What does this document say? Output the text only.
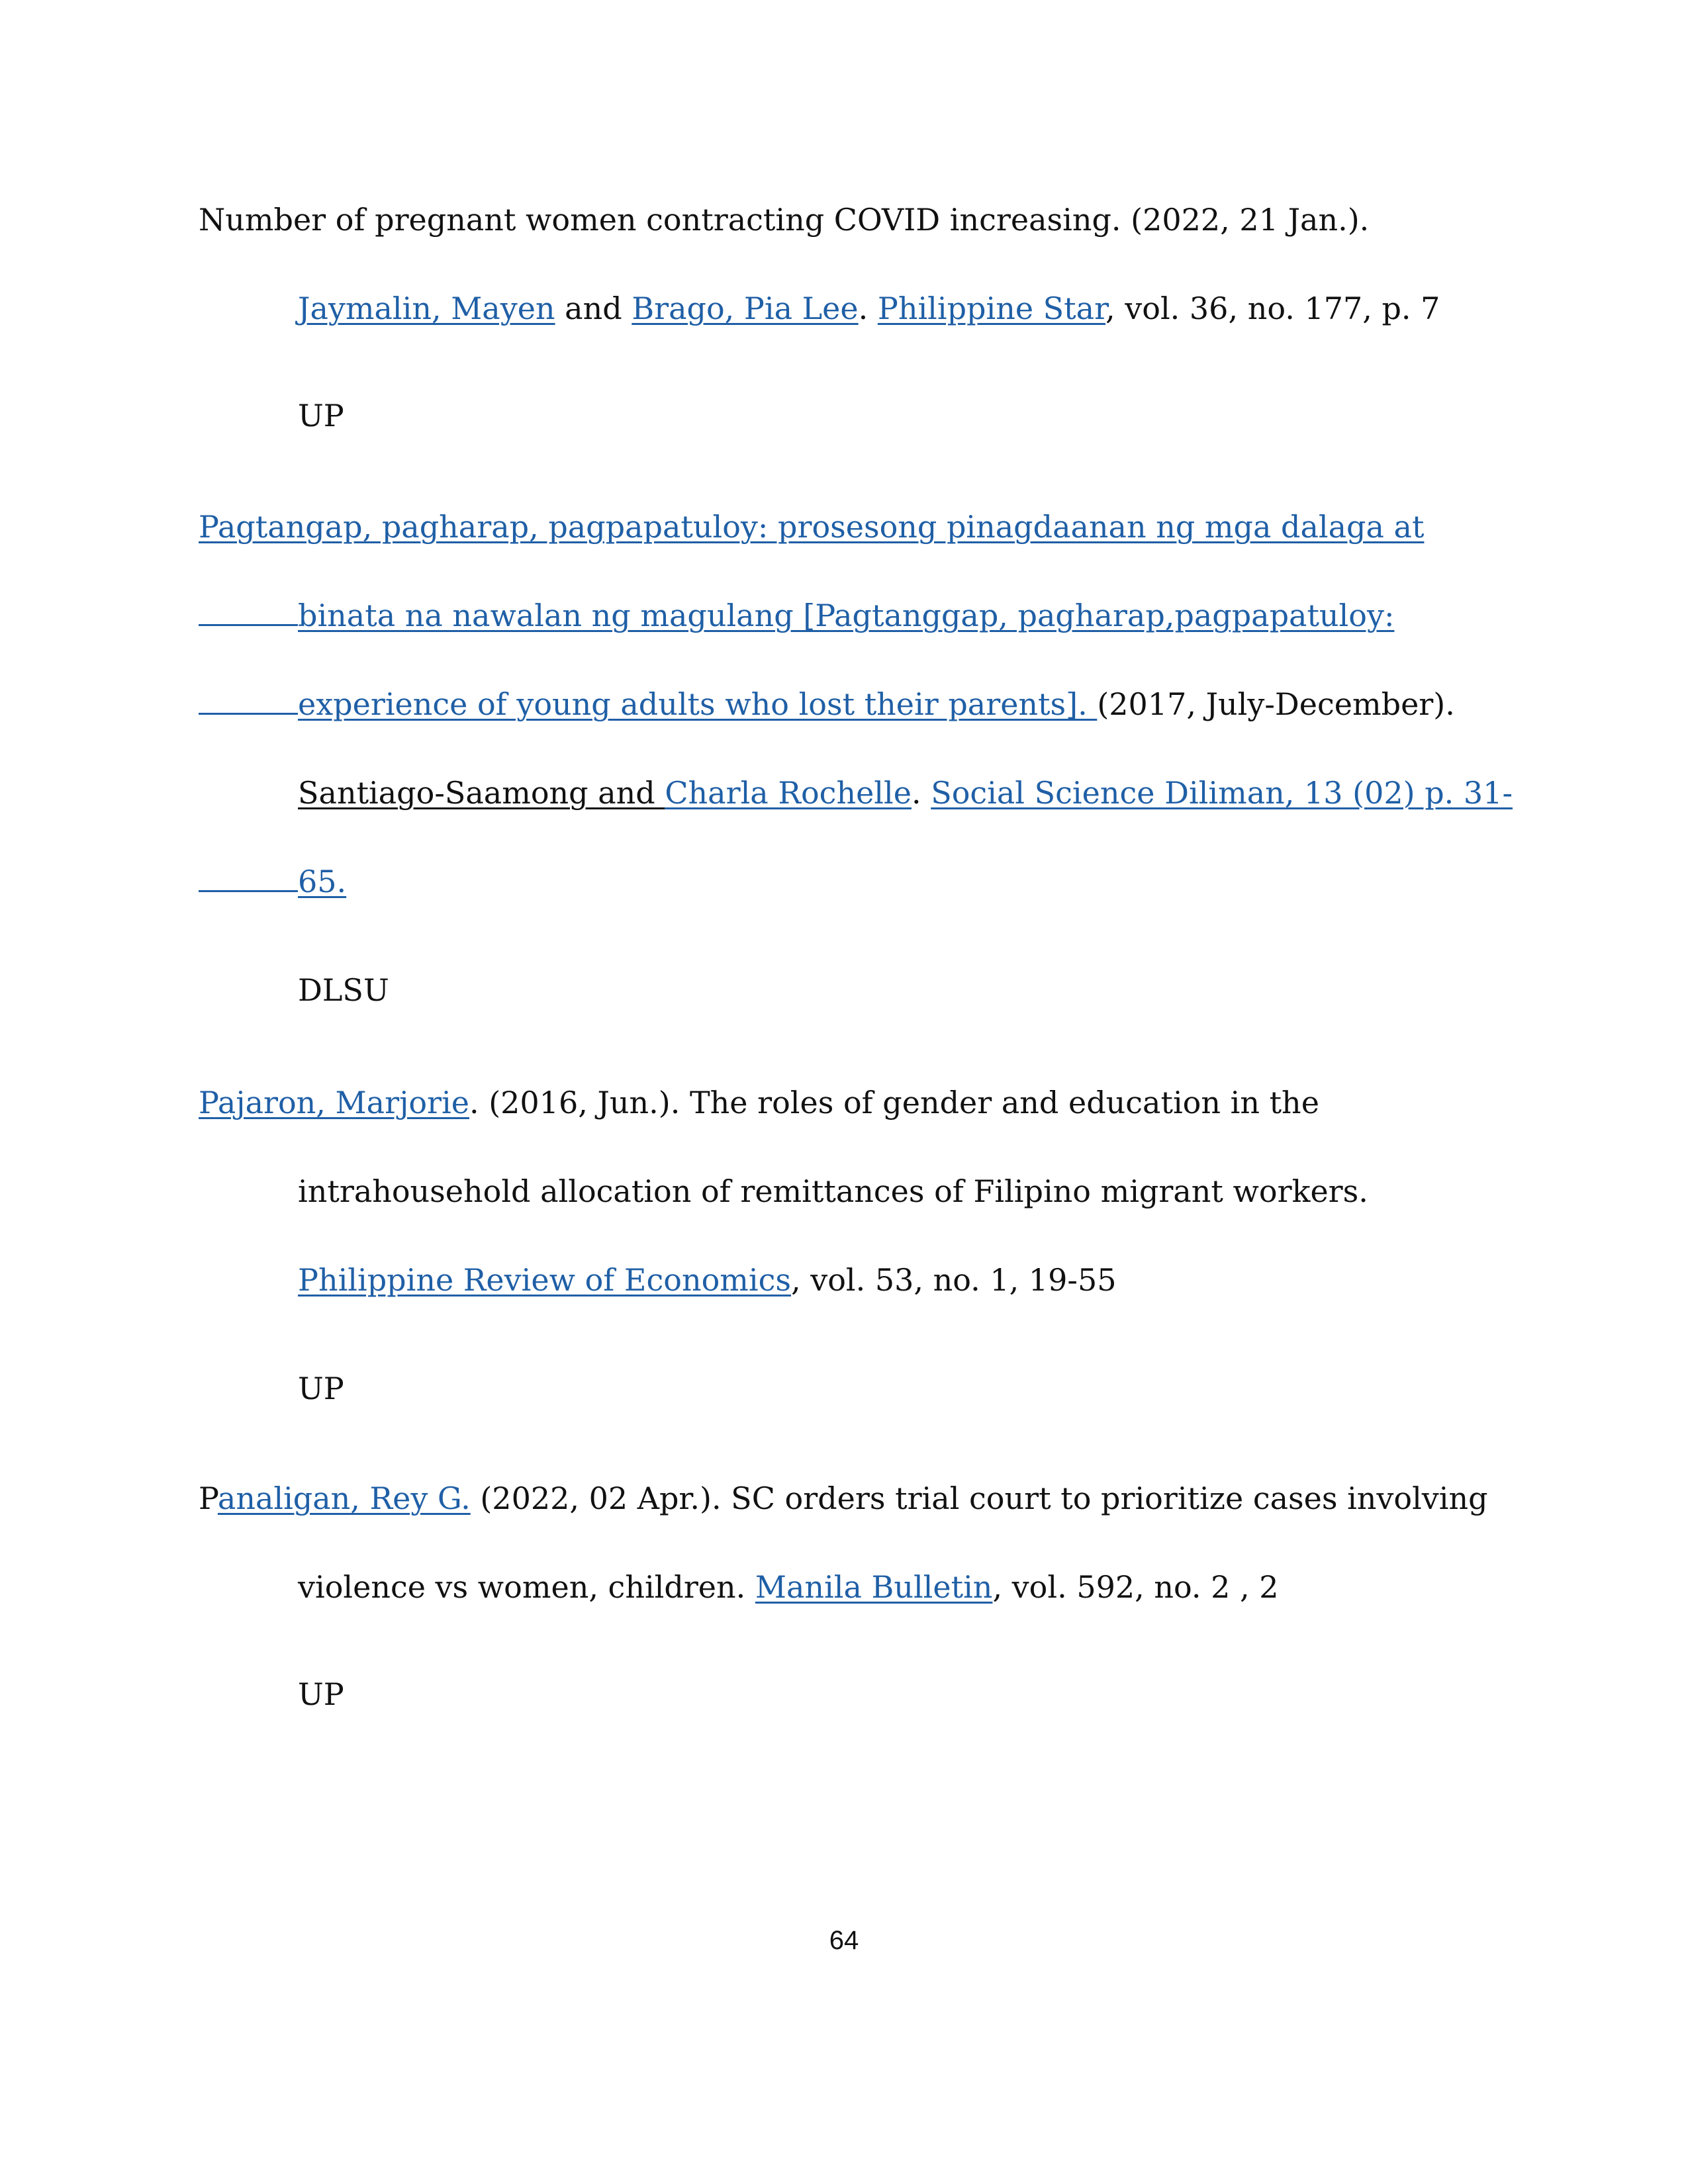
Number of pregnant women contracting COVID increasing. (2022, 21 Jan.).
Jaymalin, Mayen and Brago, Pia Lee. Philippine Star, vol. 36, no. 177, p. 7
UP
Pagtangap, pagharap, pagpapatuloy: prosesong pinagdaanan ng mga dalaga at
binata na nawalan ng magulang [Pagtanggap, pagharap,pagpapatuloy:
experience of young adults who lost their parents]. (2017, July-December).
Santiago-Saamong and Charla Rochelle. Social Science Diliman, 13 (02) p. 31-
65.
DLSU
Pajaron, Marjorie. (2016, Jun.). The roles of gender and education in the
intrahousehold allocation of remittances of Filipino migrant workers.
Philippine Review of Economics, vol. 53, no. 1, 19-55
UP
Panaligan, Rey G. (2022, 02 Apr.). SC orders trial court to prioritize cases involving
violence vs women, children. Manila Bulletin, vol. 592, no. 2 , 2
UP
64
